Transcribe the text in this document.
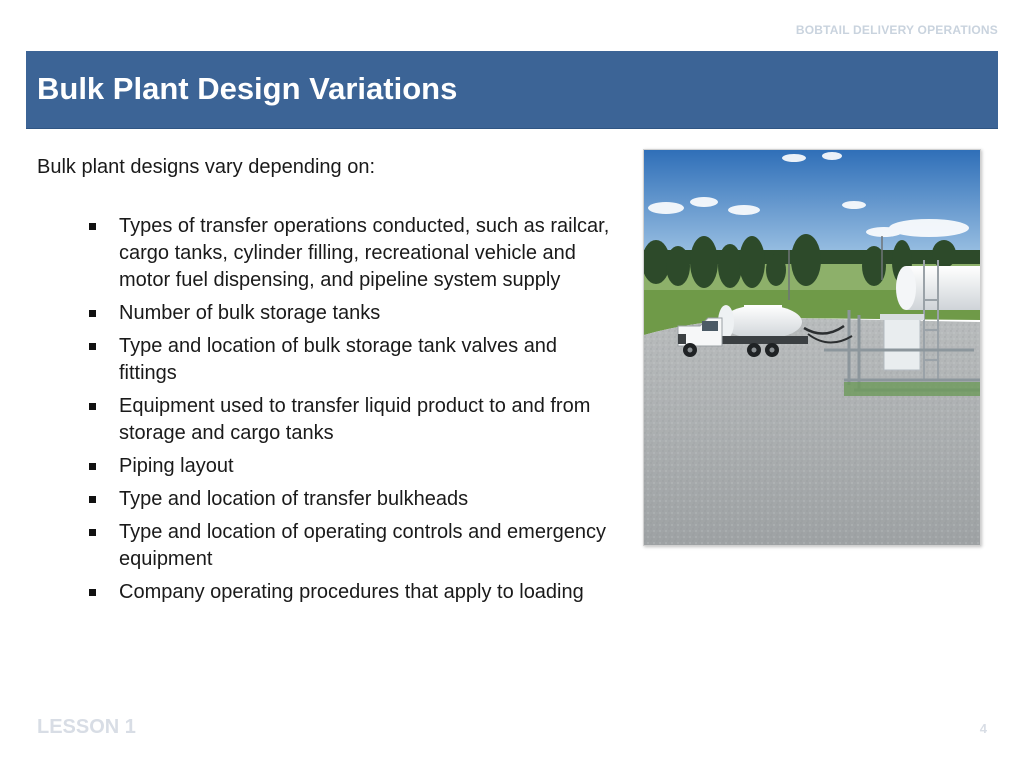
BOBTAIL DELIVERY OPERATIONS
Bulk Plant Design Variations

Bulk plant designs vary depending on:

Types of transfer operations conducted, such as railcar, cargo tanks, cylinder filling, recreational vehicle and motor fuel dispensing, and pipeline system supply
Number of bulk storage tanks
Type and location of bulk storage tank valves and fittings
Equipment used to transfer liquid product to and from storage and cargo tanks
Piping layout
Type and location of transfer bulkheads
Type and location of operating controls and emergency equipment
Company operating procedures that apply to loading
LESSON 1	4
